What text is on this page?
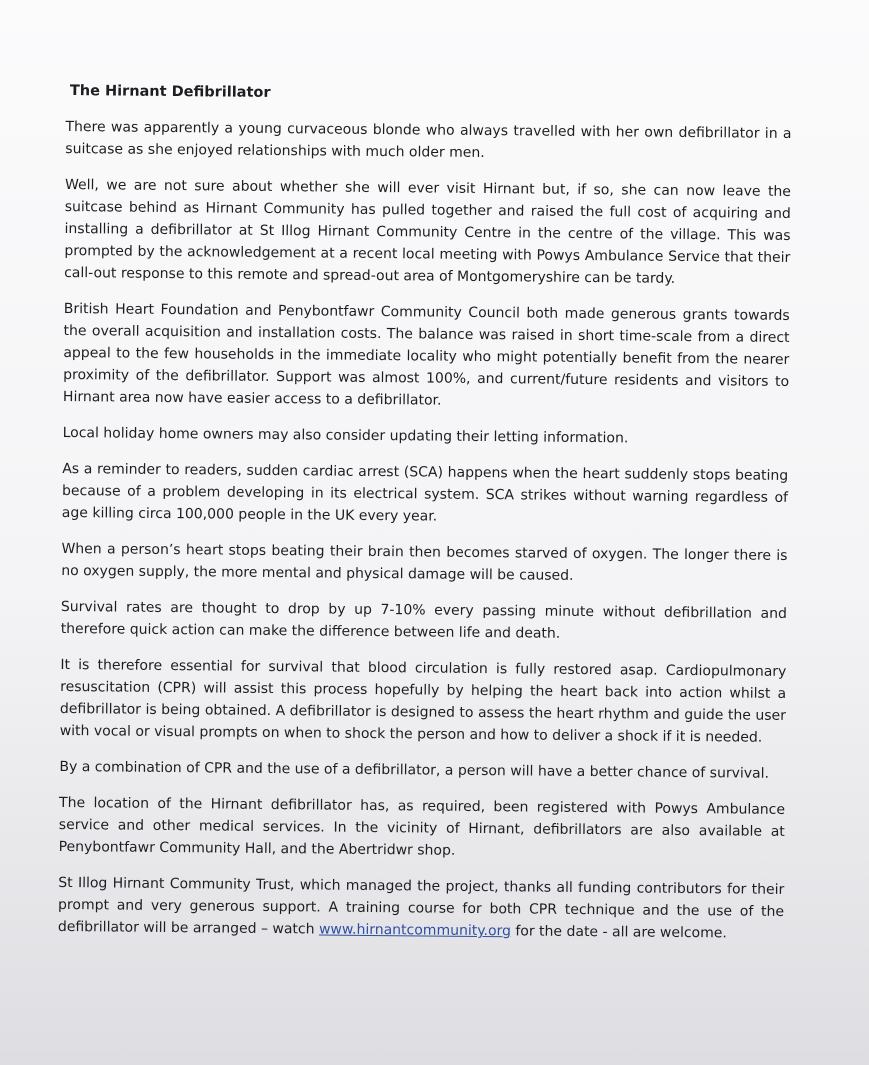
The Hirnant Defibrillator

There was apparently a young curvaceous blonde who always travelled with her own defibrillator in a suitcase as she enjoyed relationships with much older men.

Well, we are not sure about whether she will ever visit Hirnant but, if so, she can now leave the suitcase behind as Hirnant Community has pulled together and raised the full cost of acquiring and installing a defibrillator at St Illog Hirnant Community Centre in the centre of the village. This was prompted by the acknowledgement at a recent local meeting with Powys Ambulance Service that their call-out response to this remote and spread-out area of Montgomeryshire can be tardy.

British Heart Foundation and Penybontfawr Community Council both made generous grants towards the overall acquisition and installation costs. The balance was raised in short time-scale from a direct appeal to the few households in the immediate locality who might potentially benefit from the nearer proximity of the defibrillator. Support was almost 100%, and current/future residents and visitors to Hirnant area now have easier access to a defibrillator.

Local holiday home owners may also consider updating their letting information.

As a reminder to readers, sudden cardiac arrest (SCA) happens when the heart suddenly stops beating because of a problem developing in its electrical system. SCA strikes without warning regardless of age killing circa 100,000 people in the UK every year.

When a person’s heart stops beating their brain then becomes starved of oxygen. The longer there is no oxygen supply, the more mental and physical damage will be caused.

Survival rates are thought to drop by up 7-10% every passing minute without defibrillation and therefore quick action can make the difference between life and death.

It is therefore essential for survival that blood circulation is fully restored asap. Cardiopulmonary resuscitation (CPR) will assist this process hopefully by helping the heart back into action whilst a defibrillator is being obtained. A defibrillator is designed to assess the heart rhythm and guide the user with vocal or visual prompts on when to shock the person and how to deliver a shock if it is needed.

By a combination of CPR and the use of a defibrillator, a person will have a better chance of survival.

The location of the Hirnant defibrillator has, as required, been registered with Powys Ambulance service and other medical services. In the vicinity of Hirnant, defibrillators are also available at Penybontfawr Community Hall, and the Abertridwr shop.

St Illog Hirnant Community Trust, which managed the project, thanks all funding contributors for their prompt and very generous support. A training course for both CPR technique and the use of the defibrillator will be arranged – watch www.hirnantcommunity.org for the date - all are welcome.
